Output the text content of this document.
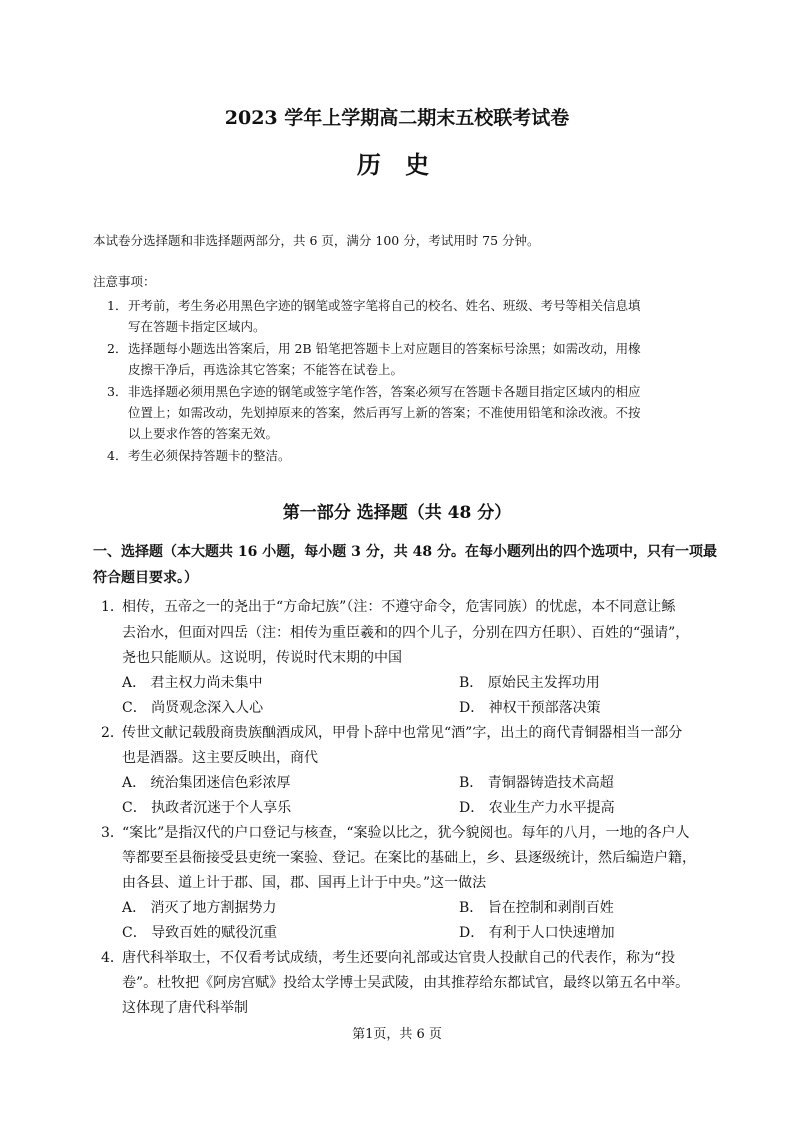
2023 学年上学期高二期末五校联考试卷
历 史
本试卷分选择题和非选择题两部分，共 6 页，满分 100 分，考试用时 75 分钟。
注意事项：
1． 开考前，考生务必用黑色字迹的钢笔或签字笔将自己的校名、姓名、班级、考号等相关信息填
写在答题卡指定区域内。
2． 选择题每小题选出答案后，用 2B 铅笔把答题卡上对应题目的答案标号涂黑；如需改动，用橡
皮擦干净后，再选涂其它答案；不能答在试卷上。
3． 非选择题必须用黑色字迹的钢笔或签字笔作答，答案必须写在答题卡各题目指定区域内的相应
位置上；如需改动，先划掉原来的答案，然后再写上新的答案；不准使用铅笔和涂改液。不按
以上要求作答的答案无效。
4． 考生必须保持答题卡的整洁。
第一部分 选择题（共 48 分）
一、选择题（本大题共 16 小题，每小题 3 分，共 48 分。在每小题列出的四个选项中，只有一项最
符合题目要求。）
1．
相传，五帝之一的尧出于“方命圮族”（注：不遵守命令，危害同族）的忧虑，本不同意让鲧
去治水，但面对四岳（注：相传为重臣羲和的四个儿子，分别在四方任职）、百姓的“强请”，
尧也只能顺从。这说明，传说时代末期的中国
A． 君主权力尚未集中	B． 原始民主发挥功用
C． 尚贤观念深入人心	D． 神权干预部落决策
2．
传世文献记载殷商贵族酗酒成风，甲骨卜辞中也常见“酒”字，出土的商代青铜器相当一部分
也是酒器。这主要反映出，商代
A． 统治集团迷信色彩浓厚	B． 青铜器铸造技术高超
C． 执政者沉迷于个人享乐	D． 农业生产力水平提高
3．
“案比”是指汉代的户口登记与核查，“案验以比之，犹今貌阅也。每年的八月，一地的各户人
等都要至县衙接受县吏统一案验、登记。在案比的基础上，乡、县逐级统计，然后编造户籍，
由各县、道上计于郡、国，郡、国再上计于中央。”这一做法
A． 消灭了地方割据势力	B． 旨在控制和剥削百姓
C． 导致百姓的赋役沉重	D． 有利于人口快速增加
4．
唐代科举取士，不仅看考试成绩，考生还要向礼部或达官贵人投献自己的代表作，称为“投
卷”。杜牧把《阿房宫赋》投给太学博士吴武陵，由其推荐给东都试官，最终以第五名中举。
这体现了唐代科举制
第1页，共 6 页
